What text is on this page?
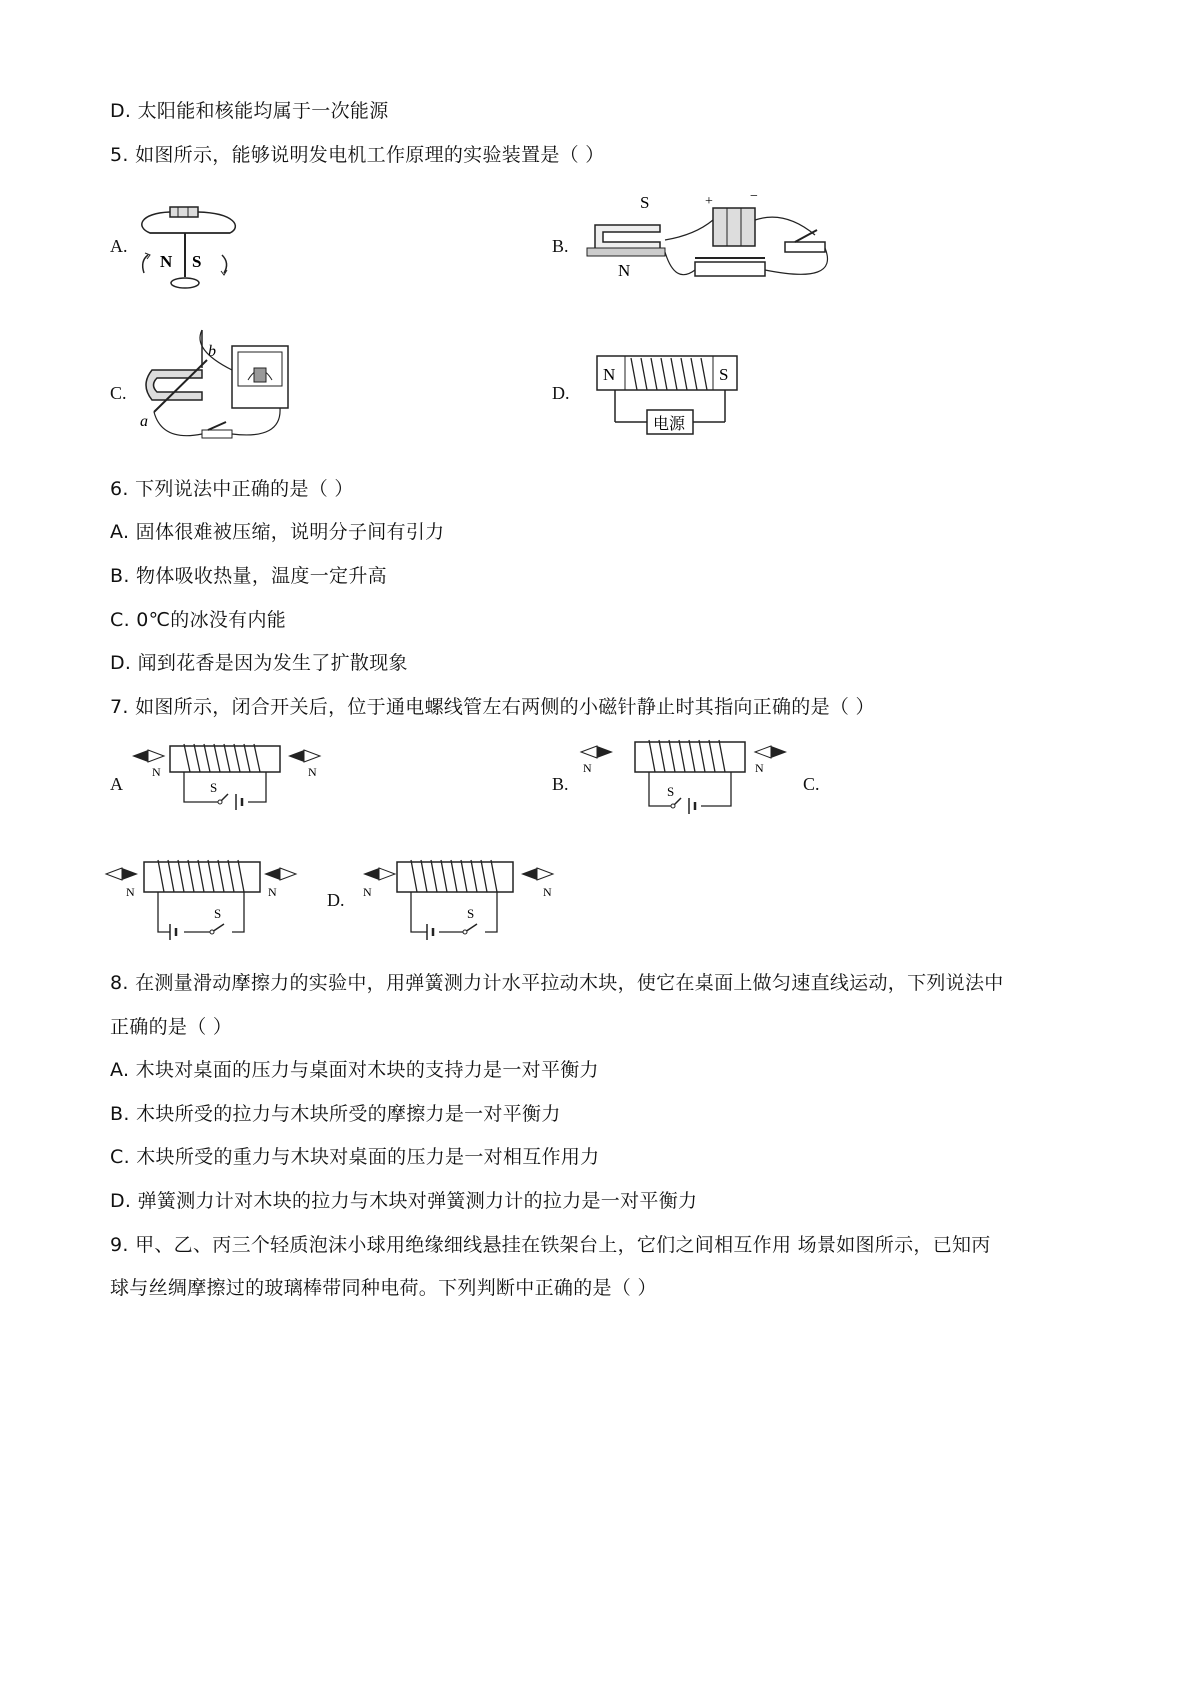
D. 太阳能和核能均属于一次能源
5. 如图所示，能够说明发电机工作原理的实验装置是（ ）
A.
N S
B.
S
N
+	−
C.
b
a
D.
N	S
电源
6. 下列说法中正确的是（ ）
A. 固体很难被压缩，说明分子间有引力
B. 物体吸收热量，温度一定升高
C. 0℃的冰没有内能
D. 闻到花香是因为发生了扩散现象
7. 如图所示，闭合开关后，位于通电螺线管左右两侧的小磁针静止时其指向正确的是（ ）
A
N	N
S	B.
N	N
S	C.
N	N
S
D. N	N
S
8. 在测量滑动摩擦力的实验中，用弹簧测力计水平拉动木块，使它在桌面上做匀速直线运动，下列说法中
正确的是（ ）
A. 木块对桌面的压力与桌面对木块的支持力是一对平衡力
B. 木块所受的拉力与木块所受的摩擦力是一对平衡力
C. 木块所受的重力与木块对桌面的压力是一对相互作用力
D. 弹簧测力计对木块的拉力与木块对弹簧测力计的拉力是一对平衡力
9. 甲、乙、丙三个轻质泡沫小球用绝缘细线悬挂在铁架台上，它们之间相互作用 场景如图所示，已知丙
球与丝绸摩擦过的玻璃棒带同种电荷。下列判断中正确的是（ ）
